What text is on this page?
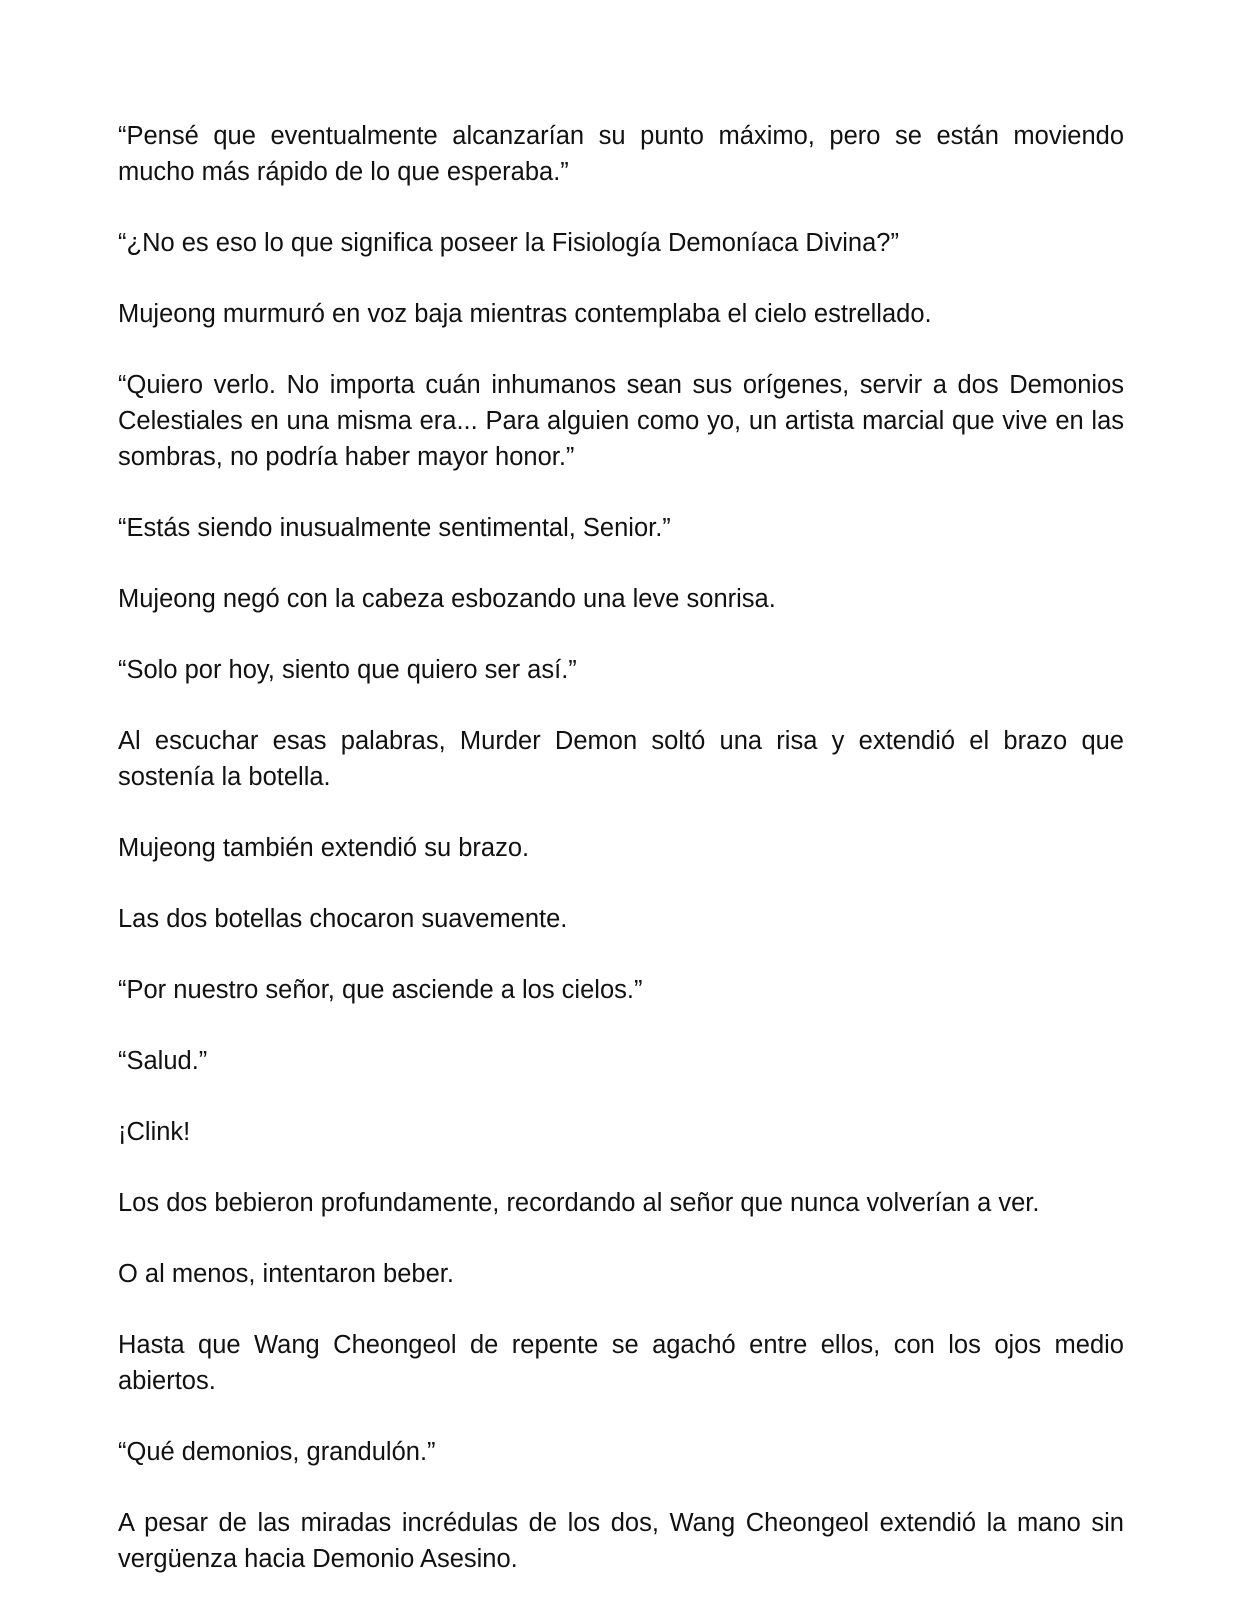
“Pensé que eventualmente alcanzarían su punto máximo, pero se están moviendo mucho más rápido de lo que esperaba.”

“¿No es eso lo que significa poseer la Fisiología Demoníaca Divina?”

Mujeong murmuró en voz baja mientras contemplaba el cielo estrellado.

“Quiero verlo. No importa cuán inhumanos sean sus orígenes, servir a dos Demonios Celestiales en una misma era... Para alguien como yo, un artista marcial que vive en las sombras, no podría haber mayor honor.”

“Estás siendo inusualmente sentimental, Senior.”

Mujeong negó con la cabeza esbozando una leve sonrisa.

“Solo por hoy, siento que quiero ser así.”

Al escuchar esas palabras, Murder Demon soltó una risa y extendió el brazo que sostenía la botella.

Mujeong también extendió su brazo.

Las dos botellas chocaron suavemente.

“Por nuestro señor, que asciende a los cielos.”

“Salud.”

¡Clink!

Los dos bebieron profundamente, recordando al señor que nunca volverían a ver.

O al menos, intentaron beber.

Hasta que Wang Cheongeol de repente se agachó entre ellos, con los ojos medio abiertos.

“Qué demonios, grandulón.”

A pesar de las miradas incrédulas de los dos, Wang Cheongeol extendió la mano sin vergüenza hacia Demonio Asesino.
